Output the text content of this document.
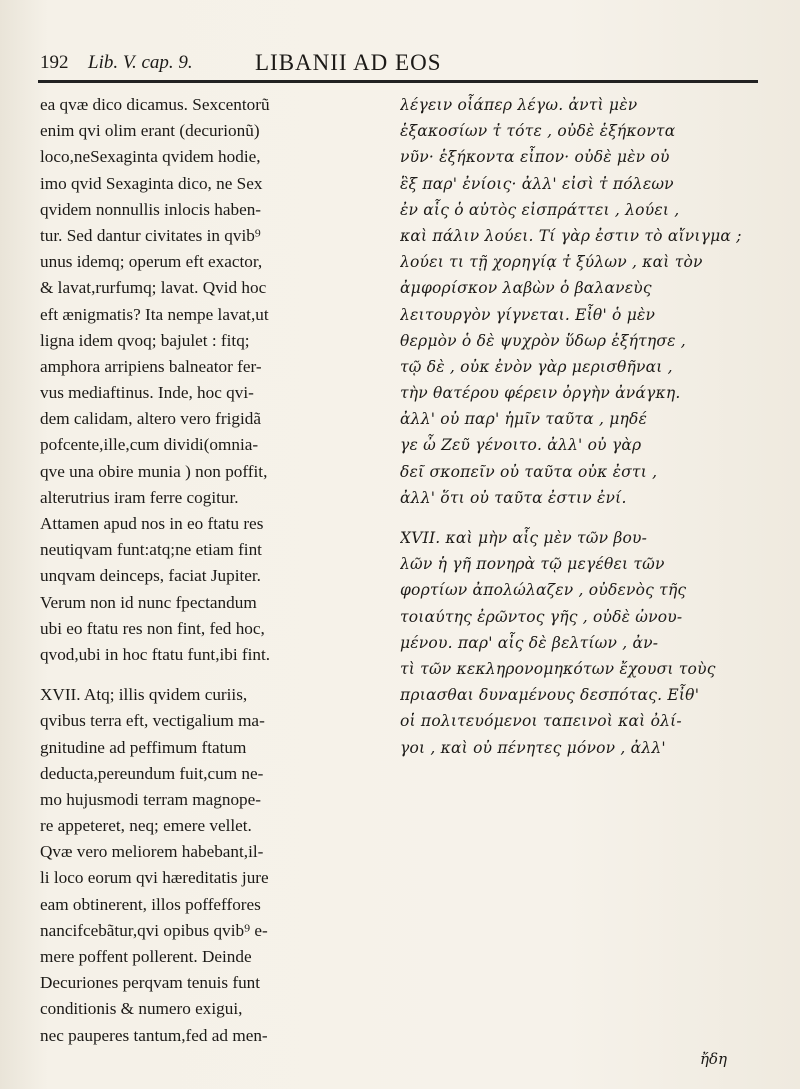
192 Lib. V. cap. 9.	LIBANII AD EOS
ea qvæ dico dicamus. Sexcentorũ
enim qvi olim erant (decurionũ)
loco,neSexaginta qvidem hodie,
imo qvid Sexaginta dico, ne Sex
qvidem nonnullis inlocis haben-
tur. Sed dantur civitates in qvib⁹
unus idemq; operum eft exactor,
& lavat,rurfumq; lavat. Qvid hoc
eft ænigmatis? Ita nempe lavat,ut
ligna idem qvoq; bajulet : fitq;
amphora arripiens balneator fer-
vus mediaftinus. Inde, hoc qvi-
dem calidam, altero vero frigidã
pofcente,ille,cum dividi(omnia-
qve una obire munia ) non poffit,
alterutrius iram ferre cogitur.
Attamen apud nos in eo ftatu res
neutiqvam funt:atq;ne etiam fint
unqvam deinceps, faciat Jupiter.
Verum non id nunc fpectandum
ubi eo ftatu res non fint, fed hoc,
qvod,ubi in hoc ftatu funt,ibi fint.
XVII. Atq; illis qvidem curiis,
qvibus terra eft, vectigalium ma-
gnitudine ad peffimum ftatum
deducta,pereundum fuit,cum ne-
mo hujusmodi terram magnope-
re appeteret, neq; emere vellet.
Qvæ vero meliorem habebant,il-
li loco eorum qvi hæreditatis jure
eam obtinerent, illos poffeffores
nancifcebãtur,qvi opibus qvib⁹ e-
mere poffent pollerent. Deinde
Decuriones perqvam tenuis funt
conditionis & numero exigui,
nec pauperes tantum,fed ad men-
λέγειν οἷάπερ λέγω. ἀντὶ μὲν
ἑξακοσίων τ̓ τότε , οὐδὲ ἑξήκοντα
νῦν· ἑξήκοντα εἶπον· οὐδὲ μὲν οὐ
ἓξ παρ' ἐνίοις· ἀλλ' εἰσὶ τ̓ πόλεων
ἐν αἷς ὁ αὐτὸς εἰσπράττει , λούει ,
καὶ πάλιν λούει. Τί γὰρ ἐστιν τὸ αἴνιγμα ;
λούει τι τῇ χορηγίᾳ τ̓ ξύλων , καὶ τὸν
ἀμφορίσκον λαβὼν ὁ βαλανεὺς
λειτουργὸν γίγνεται. Εἶθ' ὁ μὲν
θερμὸν ὁ δὲ ψυχρὸν ὕδωρ ἐξήτησε ,
τῷ δὲ , οὐκ ἐνὸν γὰρ μερισθῆναι ,
τὴν θατέρου φέρειν ὀργὴν ἀνάγκη.
ἀλλ' οὐ παρ' ἡμῖν ταῦτα , μηδέ
γε ὦ Ζεῦ γένοιτο. ἀλλ' οὐ γὰρ
δεῖ σκοπεῖν οὐ ταῦτα οὐκ ἐστι ,
ἀλλ' ὅτι οὐ ταῦτα ἐστιν ἐνί.
XVII. καὶ μὴν αἷς μὲν τῶν βου-
λῶν ἡ γῆ πονηρὰ τῷ μεγέθει τῶν
φορτίων ἀπολώλαζεν , οὐδενὸς τῆς
τοιαύτης ἐρῶντος γῆς , οὐδὲ ὠνου-
μένου. παρ' αἷς δὲ βελτίων , ἀν-
τὶ τῶν κεκληρονομηκότων ἔχουσι τοὺς
πριασθαι δυναμένους δεσπότας. Εἶθ'
οἱ πολιτευόμενοι ταπεινοὶ καὶ ὀλί-
γοι , καὶ οὐ πένητες μόνον , ἀλλ'
ἤδη
